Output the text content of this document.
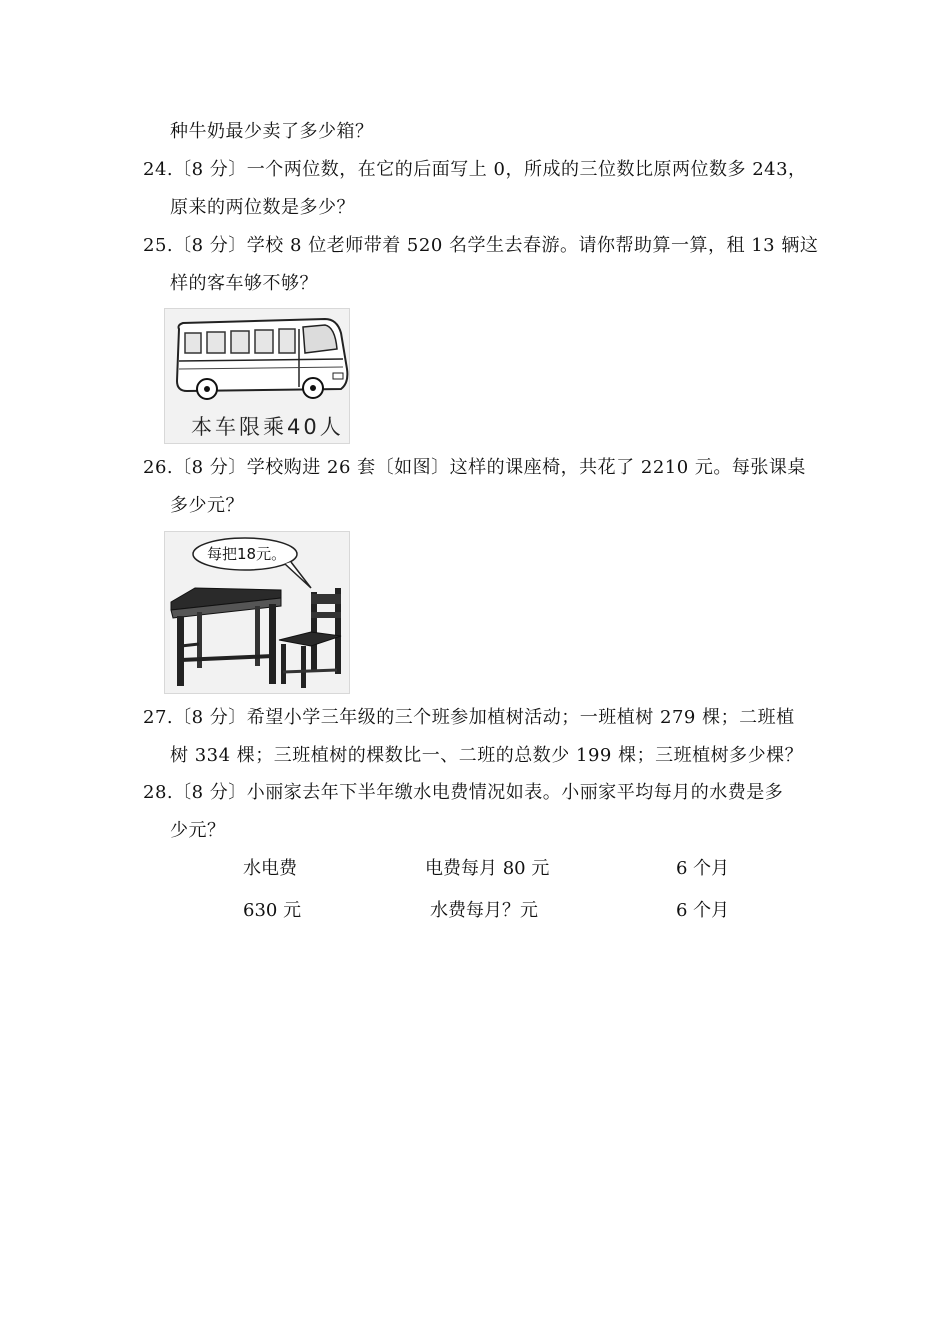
种牛奶最少卖了多少箱？
24.〔8 分〕一个两位数，在它的后面写上 0，所成的三位数比原两位数多 243，
原来的两位数是多少？
25.〔8 分〕学校 8 位老师带着 520 名学生去春游。请你帮助算一算，租 13 辆这
样的客车够不够？
本车限乘40人
26.〔8 分〕学校购进 26 套〔如图〕这样的课座椅，共花了 2210 元。每张课桌
多少元？
每把18元。
27.〔8 分〕希望小学三年级的三个班参加植树活动；一班植树 279 棵；二班植
树 334 棵；三班植树的棵数比一、二班的总数少 199 棵；三班植树多少棵？
28.〔8 分〕小丽家去年下半年缴水电费情况如表。小丽家平均每月的水费是多
少元？
水电费	电费每月 80 元	6 个月
630 元	水费每月？元	6 个月
